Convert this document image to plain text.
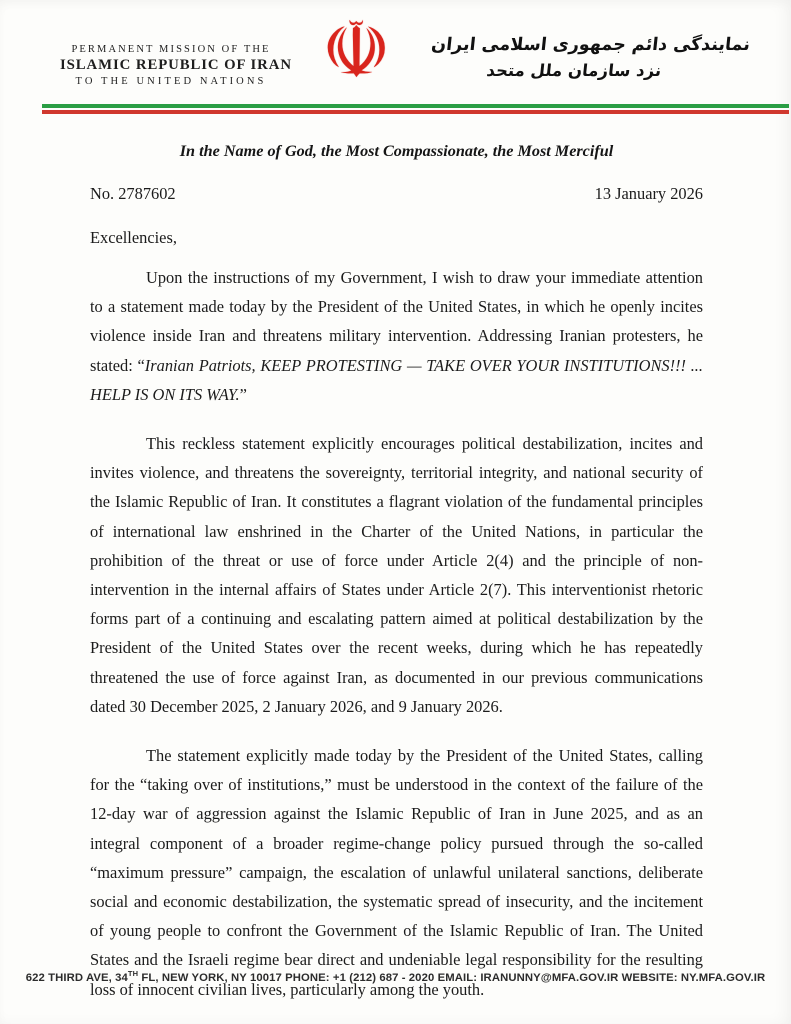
PERMANENT MISSION OF THE
ISLAMIC REPUBLIC OF IRAN
TO THE UNITED NATIONS ☫ نمایندگی دائم جمهوری اسلامی ایران
نزد سازمان ملل متحد
In the Name of God, the Most Compassionate, the Most Merciful
No. 2787602	13 January 2026

Excellencies,

Upon the instructions of my Government, I wish to draw your immediate attention to a statement made today by the President of the United States, in which he openly incites violence inside Iran and threatens military intervention. Addressing Iranian protesters, he stated: “Iranian Patriots, KEEP PROTESTING — TAKE OVER YOUR INSTITUTIONS!!! ... HELP IS ON ITS WAY.”

This reckless statement explicitly encourages political destabilization, incites and invites violence, and threatens the sovereignty, territorial integrity, and national security of the Islamic Republic of Iran. It constitutes a flagrant violation of the fundamental principles of international law enshrined in the Charter of the United Nations, in particular the prohibition of the threat or use of force under Article 2(4) and the principle of non-intervention in the internal affairs of States under Article 2(7). This interventionist rhetoric forms part of a continuing and escalating pattern aimed at political destabilization by the President of the United States over the recent weeks, during which he has repeatedly threatened the use of force against Iran, as documented in our previous communications dated 30 December 2025, 2 January 2026, and 9 January 2026.

The statement explicitly made today by the President of the United States, calling for the “taking over of institutions,” must be understood in the context of the failure of the 12-day war of aggression against the Islamic Republic of Iran in June 2025, and as an integral component of a broader regime-change policy pursued through the so-called “maximum pressure” campaign, the escalation of unlawful unilateral sanctions, deliberate social and economic destabilization, the systematic spread of insecurity, and the incitement of young people to confront the Government of the Islamic Republic of Iran. The United States and the Israeli regime bear direct and undeniable legal responsibility for the resulting loss of innocent civilian lives, particularly among the youth.

622 THIRD AVE, 34TH FL, NEW YORK, NY 10017 PHONE: +1 (212) 687 - 2020 EMAIL: IRANUNNY@MFA.GOV.IR WEBSITE: NY.MFA.GOV.IR
